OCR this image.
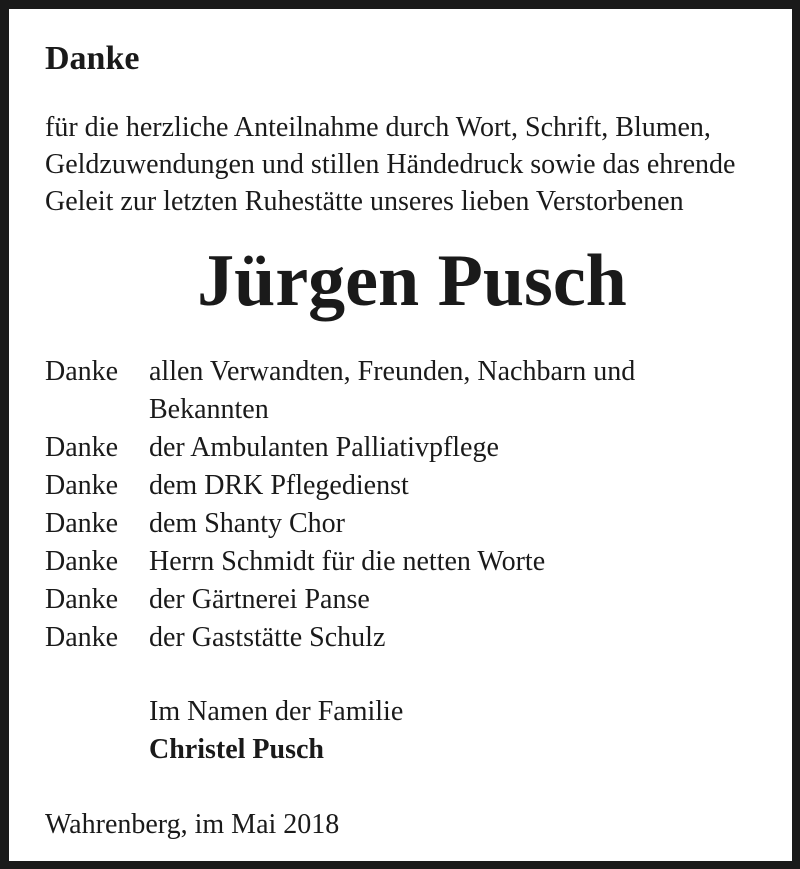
Danke
für die herzliche Anteilnahme durch Wort, Schrift, Blumen,
Geldzuwendungen und stillen Händedruck sowie das ehrende
Geleit zur letzten Ruhestätte unseres lieben Verstorbenen
Jürgen Pusch
Danke	allen Verwandten, Freunden, Nachbarn und
Bekannten
Danke	der Ambulanten Palliativpflege
Danke	dem DRK Pflegedienst
Danke	dem Shanty Chor
Danke	Herrn Schmidt für die netten Worte
Danke	der Gärtnerei Panse
Danke	der Gaststätte Schulz
Im Namen der Familie
Christel Pusch
Wahrenberg, im Mai 2018
